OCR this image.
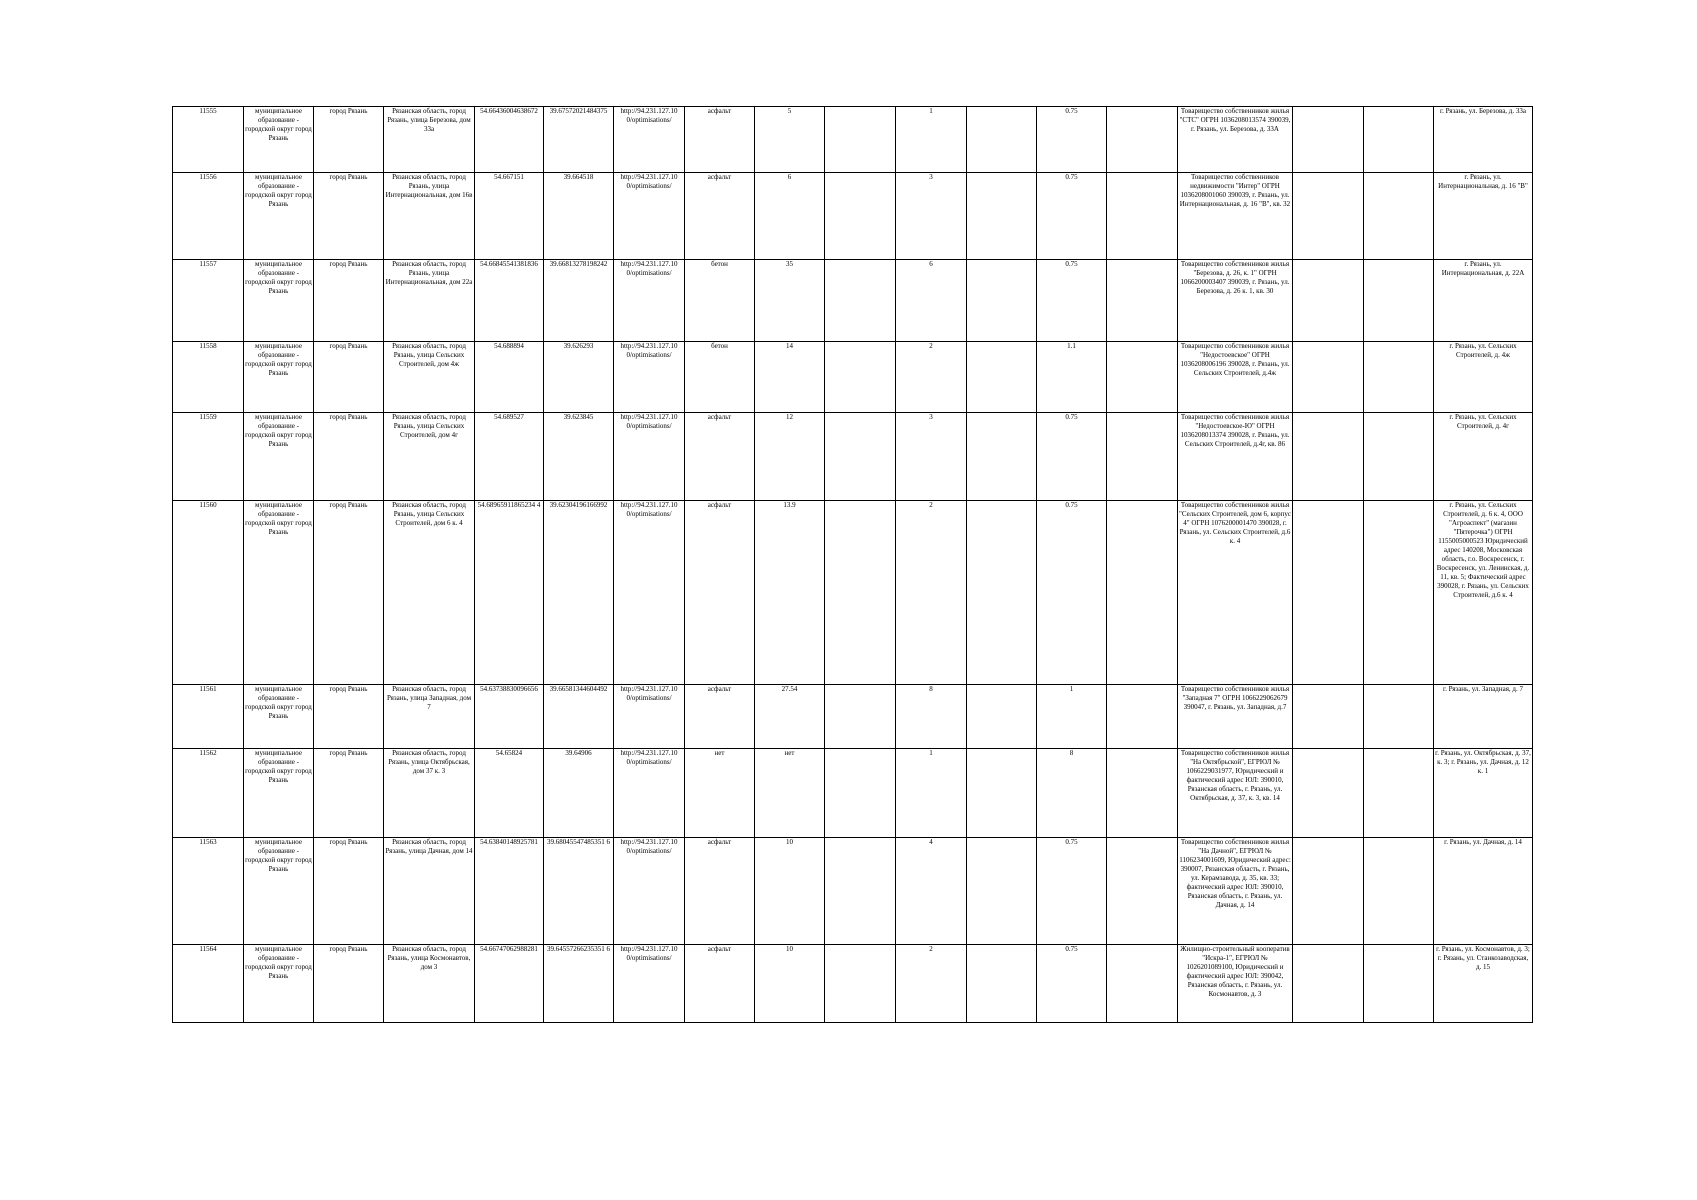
11555	муниципальное образование - городской округ город Рязань	город Рязань	Рязанская область, город Рязань, улица Березова, дом 33а	54.66436004638672	39.67572021484375	http://94.231.127.10 0/optimisations/	асфальт	5		1		0.75		Товарищество собственников жилья "СТС" ОГРН 1036208013574 390039, г. Рязань, ул. Березова, д. 33А			г. Рязань, ул. Березова, д. 33а

11556	муниципальное образование - городской округ город Рязань	город Рязань	Рязанская область, город Рязань, улица Интернациональная, дом 16в	54.667151	39.664518	http://94.231.127.10 0/optimisations/	асфальт	6		3		0.75		Товарищество собственников недвижимости "Интер" ОГРН 1036208001060 390039, г. Рязань, ул. Интернациональная, д. 16 "В", кв. 32			г. Рязань, ул. Интернациональная, д. 16 "В"

11557	муниципальное образование - городской округ город Рязань	город Рязань	Рязанская область, город Рязань, улица Интернациональная, дом 22а	54.66845541381836	39.66813278198242	http://94.231.127.10 0/optimisations/	бетон	35		6		0.75		Товарищество собственников жилья "Березова, д. 26, к. 1" ОГРН 1066200003407 390039, г. Рязань, ул. Березова, д. 26 к. 1, кв. 30			г. Рязань, ул. Интернациональная, д. 22А

11558	муниципальное образование - городской округ город Рязань	город Рязань	Рязанская область, город Рязань, улица Сельских Строителей, дом 4ж	54.688894	39.626293	http://94.231.127.10 0/optimisations/	бетон	14		2		1.1		Товарищество собственников жилья "Недостоевское" ОГРН 1036208006196 390028, г. Рязань, ул. Сельских Строителей, д.4ж			г. Рязань, ул. Сельских Строителей, д. 4ж

11559	муниципальное образование - городской округ город Рязань	город Рязань	Рязанская область, город Рязань, улица Сельских Строителей, дом 4г	54.689527	39.623845	http://94.231.127.10 0/optimisations/	асфальт	12		3		0.75		Товарищество собственников жилья "Недостоевское-Ю" ОГРН 1036208013374 390028, г. Рязань, ул. Сельских Строителей, д.4г, кв. 86			г. Рязань, ул. Сельских Строителей, д. 4г

11560	муниципальное образование - городской округ город Рязань	город Рязань	Рязанская область, город Рязань, улица Сельских Строителей, дом 6 к. 4	54.68965911865234 4	39.62304196166992	http://94.231.127.10 0/optimisations/	асфальт	13.9		2		0.75		Товарищество собственников жилья "Сельских Строителей, дом 6, корпус 4" ОГРН 1076200001470 390028, г. Рязань, ул. Сельских Строителей, д.6 к. 4			г. Рязань, ул. Сельских Строителей, д. 6 к. 4, ООО "Агроаспект" (магазин "Пятерочка") ОГРН 1155005000523 Юридический адрес 140208, Московская область, г.о. Воскресенск, г. Воскресенск, ул. Ленинская, д. 11, кв. 5; Фактический адрес 390028, г. Рязань, ул. Сельских Строителей, д.6 к. 4

11561	муниципальное образование - городской округ город Рязань	город Рязань	Рязанская область, город Рязань, улица Западная, дом 7	54.63738830096656	39.66581344604492	http://94.231.127.10 0/optimisations/	асфальт	27.54		8		1		Товарищество собственников жилья "Западная 7" ОГРН 1066229062679 390047, г. Рязань, ул. Западная, д.7			г. Рязань, ул. Западная, д. 7

11562	муниципальное образование - городской округ город Рязань	город Рязань	Рязанская область, город Рязань, улица Октябрьская, дом 37 к. 3	54.65824	39.64906	http://94.231.127.10 0/optimisations/	нет	нет		1		8		Товарищество собственников жилья "На Октябрьской", ЕГРЮЛ № 1066229031977, Юридический и фактический адрес ЮЛ: 390010, Рязанская область, г. Рязань, ул. Октябрьская, д. 37, к. 3, кв. 14			г. Рязань, ул. Октябрьская, д. 37, к. 3; г. Рязань, ул. Дачная, д. 12 к. 1

11563	муниципальное образование - городской округ город Рязань	город Рязань	Рязанская область, город Рязань, улица Дачная, дом 14	54.63840148925781	39.68045547485351 6	http://94.231.127.10 0/optimisations/	асфальт	10		4		0.75		Товарищество собственников жилья "На Дачной", ЕГРЮЛ № 1106234001609, Юридический адрес: 390007, Рязанская область, г. Рязань, ул. Керамзавода, д. 35, кв. 33; фактический адрес ЮЛ: 390010, Рязанская область, г. Рязань, ул. Дачная, д. 14			г. Рязань, ул. Дачная, д. 14

11564	муниципальное образование - городской округ город Рязань	город Рязань	Рязанская область, город Рязань, улица Космонавтов, дом 3	54.66747062988281	39.64557266235351 6	http://94.231.127.10 0/optimisations/	асфальт	10		2		0.75		Жилищно-строительный кооператив "Искра-1", ЕГРЮЛ № 1026201089100, Юридический и фактический адрес ЮЛ: 390042, Рязанская область, г. Рязань, ул. Космонавтов, д. 3			г. Рязань, ул. Космонавтов, д. 3; г. Рязань, ул. Станкозаводская, д. 15
